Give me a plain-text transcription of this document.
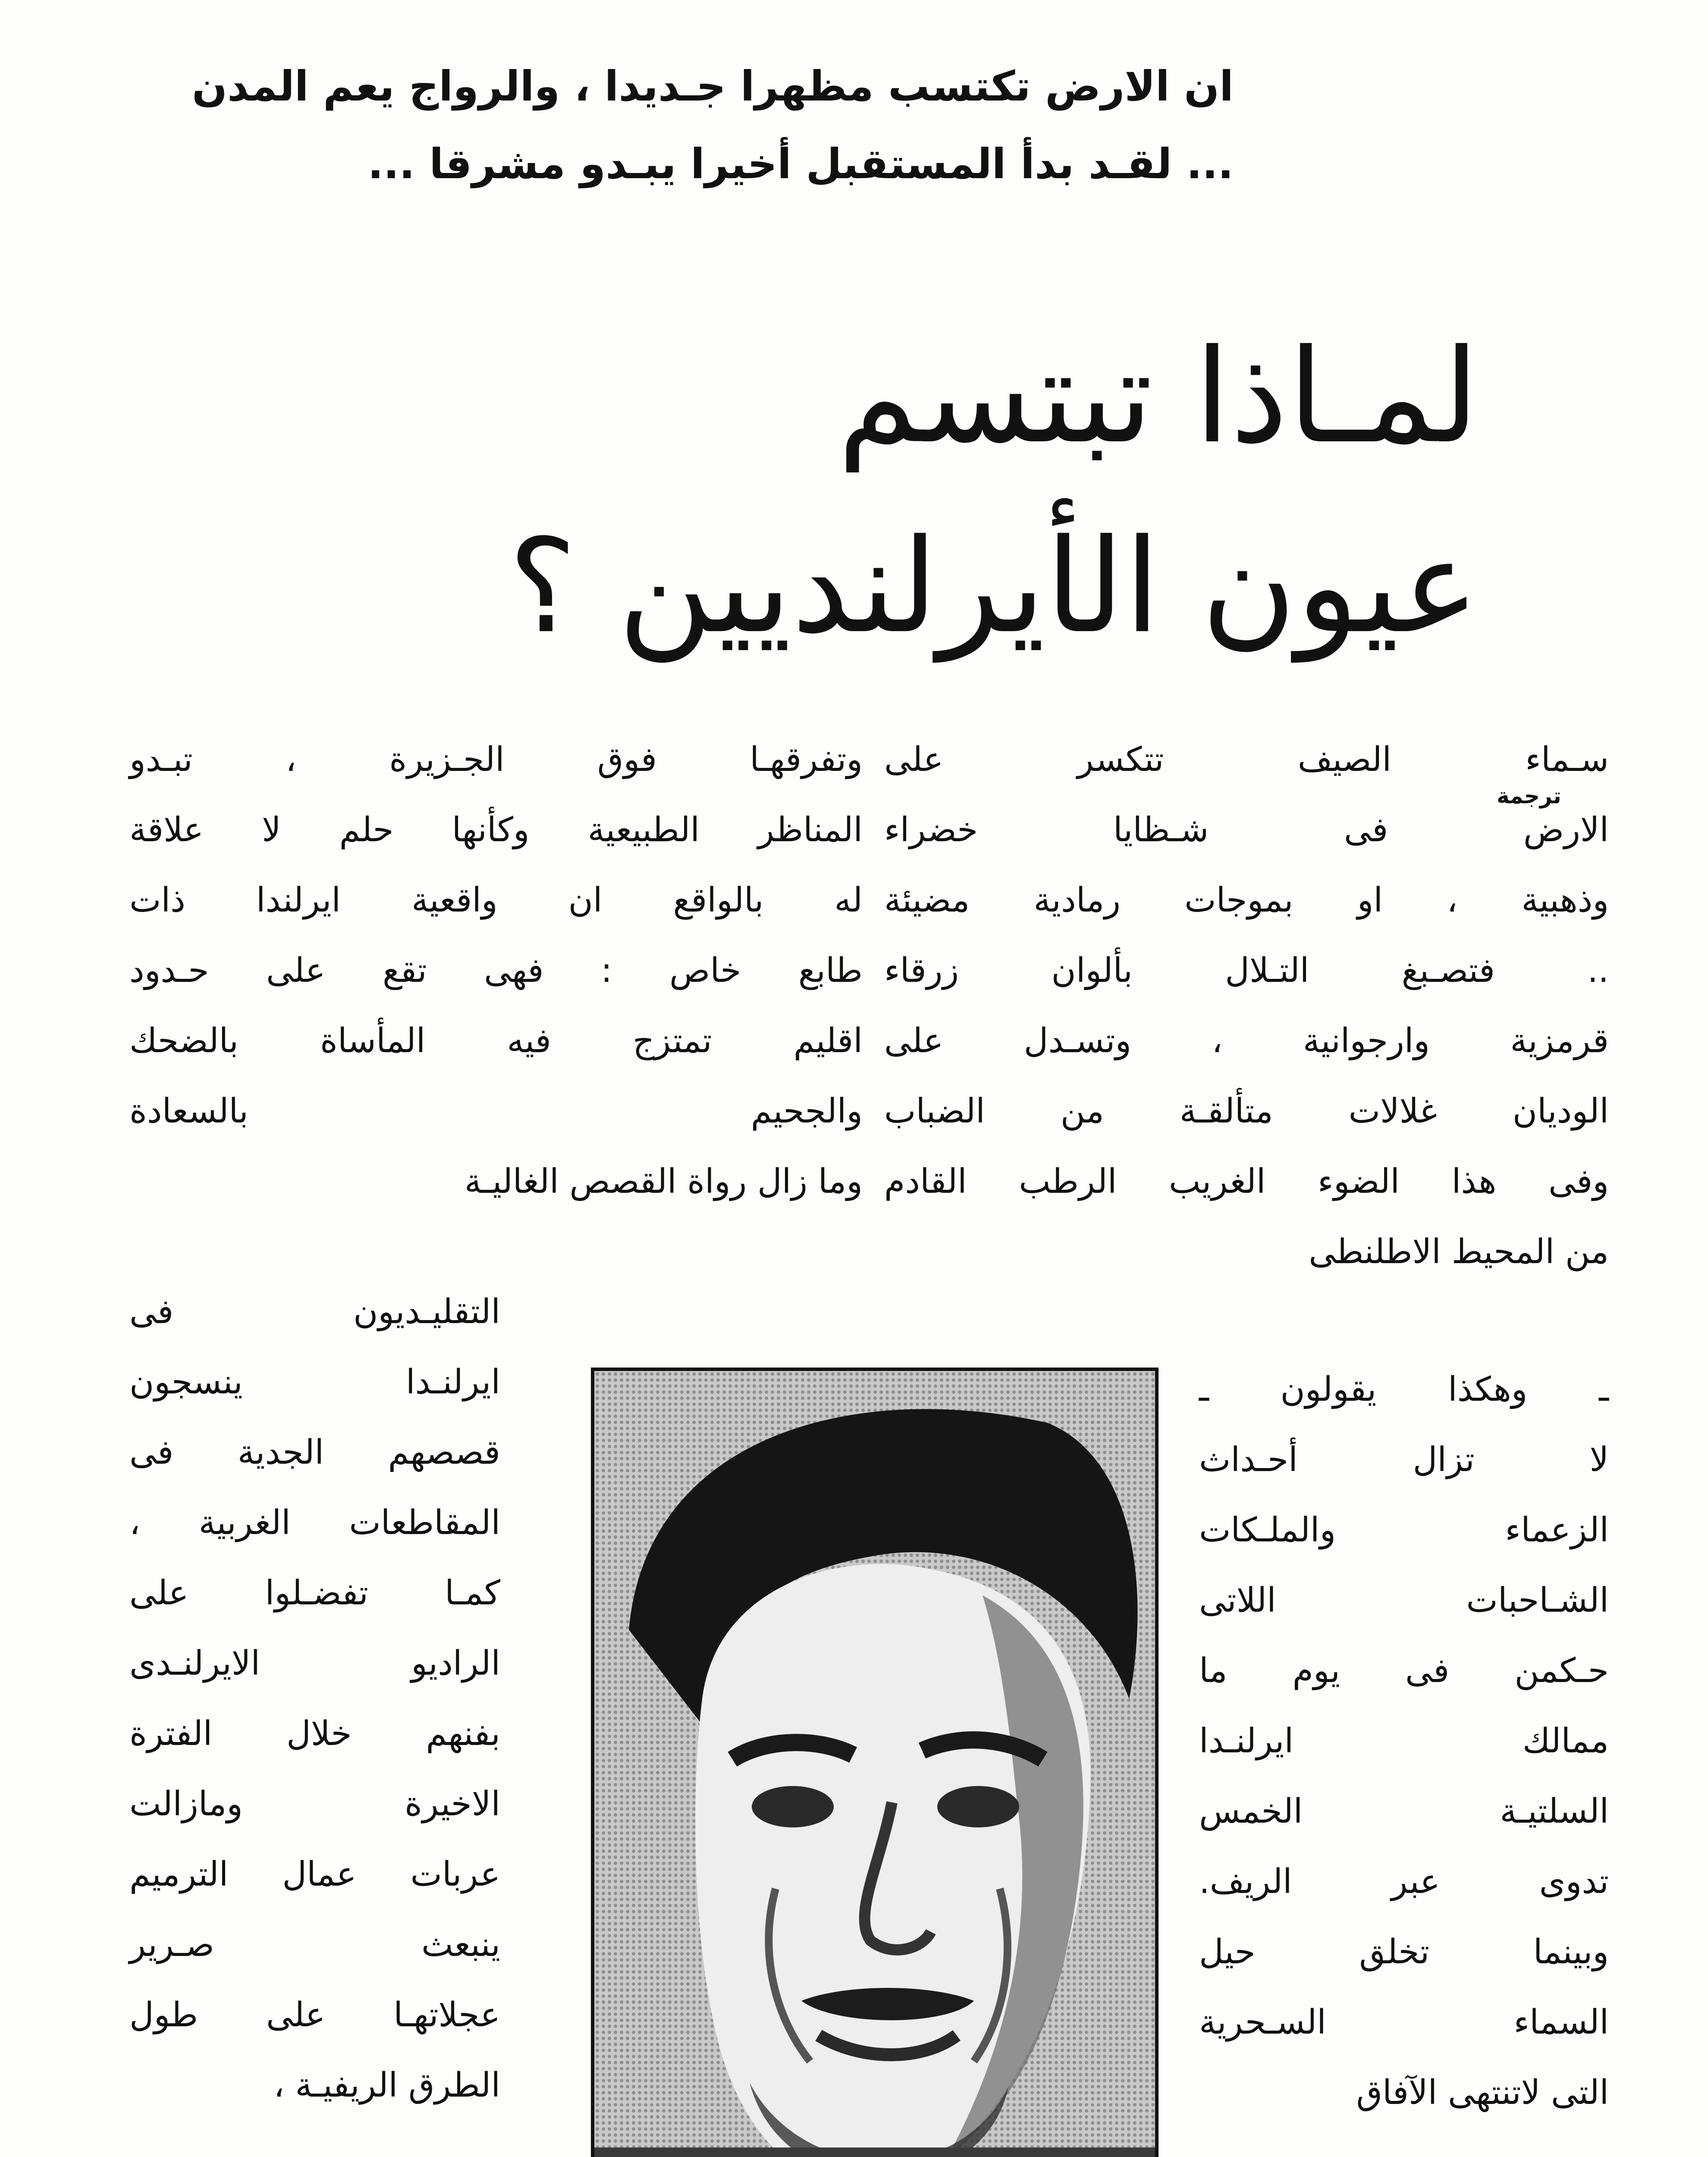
ان الارض تكتسب مظهرا جـديدا ، والرواج يعم المدن
... لقـد بدأ المستقبل أخيرا يبـدو مشرقا ...
لمـاذا تبتسم
عيون الأيرلنديين ؟
ترجمة
سـماء الصيف تتكسر على
الارض فى شـظايا خضراء
وذهبية ، او بموجات رمادية مضيئة
.. فتصـبغ التـلال بألوان زرقاء
قرمزية وارجوانية ، وتسـدل على
الوديان غلالات متألقـة من الضباب
وفى هذا الضوء الغريب الرطب القادم
من المحيط الاطلنطى
ـ وهكذا يقولون ـ
لا تزال أحـداث
الزعماء والملـكات
الشـاحبات اللاتى
حـكمن فى يوم ما
ممالك ايرلنـدا
السلتيـة الخمس
تدوى عبر الريف.
وبينما تخلق حيل
السماء السـحرية
التى لاتنتهى الآفاق
وتفرقهـا فوق الجـزيرة ، تبـدو
المناظر الطبيعية وكأنها حلم لا علاقة
له بالواقع ان واقعية ايرلندا ذات
طابع خاص : فهى تقع على حـدود
اقليم تمتزج فيه المأساة بالضحك
والجحيم بالسعادة
وما زال رواة القصص الغاليـة
التقليـديون فى
ايرلنـدا ينسجون
قصصهم الجدية فى
المقاطعات الغربية ،
كمـا تفضـلوا على
الراديو الايرلنـدى
بفنهم خلال الفترة
الاخيرة ومازالت
عربات عمال الترميم
ينبعث صـرير
عجلاتهـا على طول
الطرق الريفيـة ،
